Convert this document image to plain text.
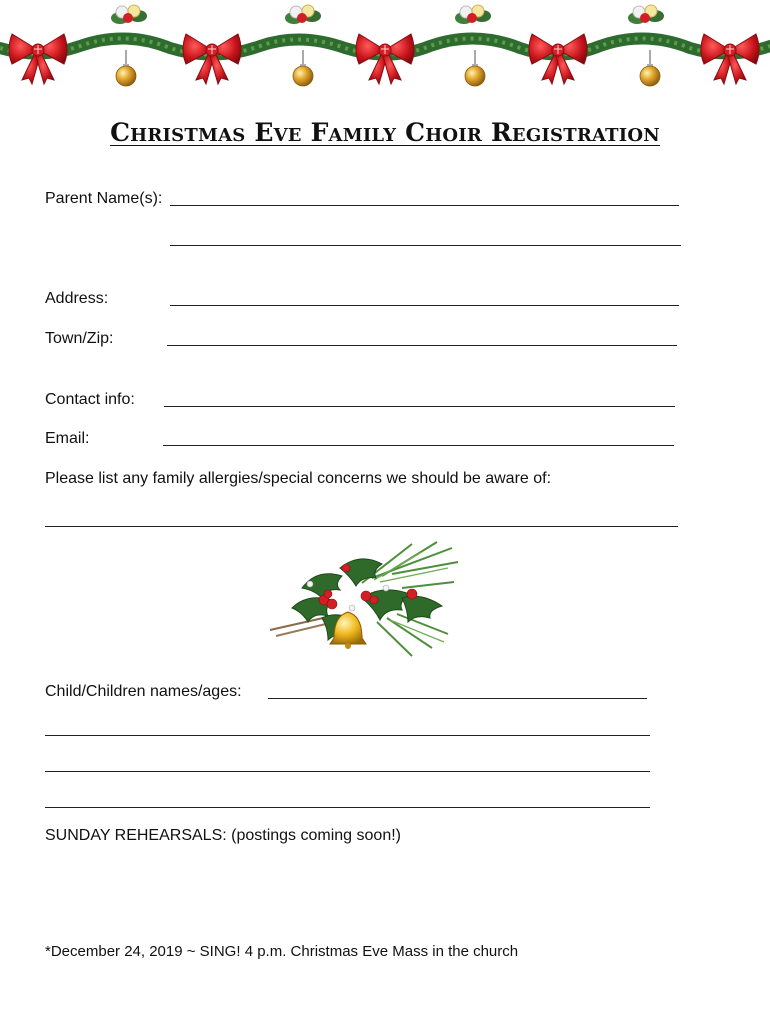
Christmas Eve Family Choir Registration
Parent Name(s):
Address:
Town/Zip:
Contact info:
Email:
Please list any family allergies/special concerns we should be aware of:
Child/Children names/ages:
SUNDAY REHEARSALS: (postings coming soon!)
*December 24, 2019 ~ SING! 4 p.m. Christmas Eve Mass in the church
